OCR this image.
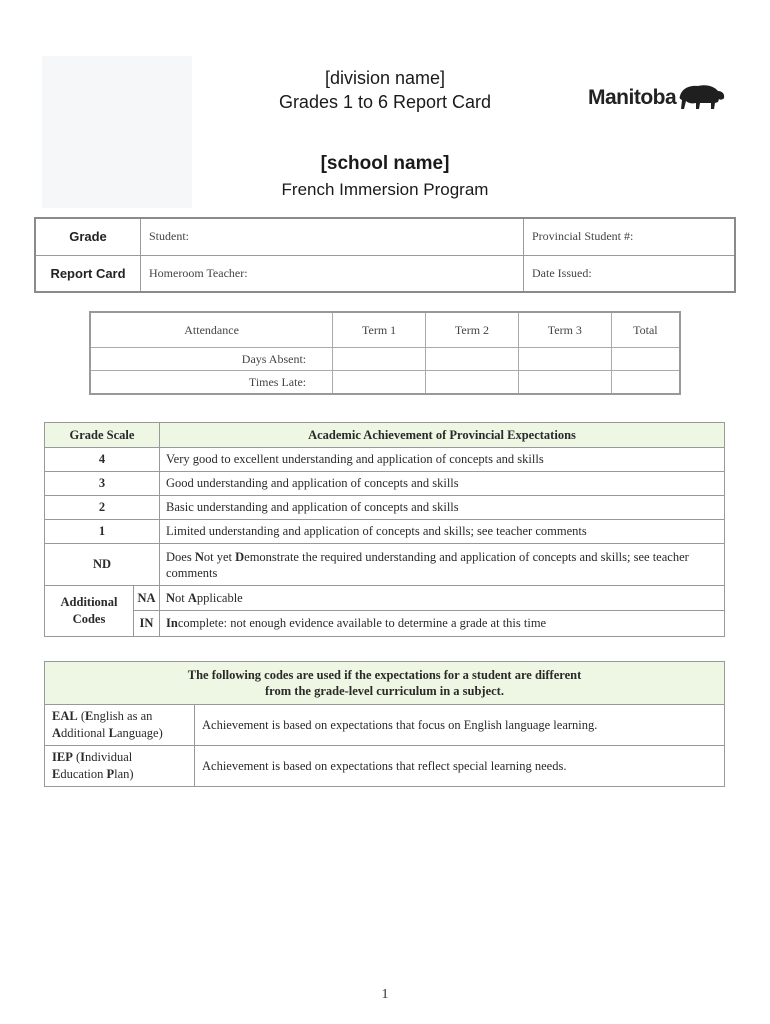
[division name]
Grades 1 to 6 Report Card
[school name]
French Immersion Program
Manitoba
Grade	Student:	Provincial Student #:
Report Card	Homeroom Teacher:	Date Issued:
Attendance	Term 1	Term 2	Term 3	Total
Days Absent:				
Times Late:				
Grade Scale		Academic Achievement of Provincial Expectations
4		Very good to excellent understanding and application of concepts and skills
3		Good understanding and application of concepts and skills
2		Basic understanding and application of concepts and skills
1		Limited understanding and application of concepts and skills; see teacher comments
ND		Does Not yet Demonstrate the required understanding and application of concepts and skills; see teacher comments
Additional
Codes	NA	Not Applicable
	IN	Incomplete: not enough evidence available to determine a grade at this time
The following codes are used if the expectations for a student are different
from the grade-level curriculum in a subject.	
EAL (English as an
Additional Language)	Achievement is based on expectations that focus on English language learning.
IEP (Individual
Education Plan)	Achievement is based on expectations that reflect special learning needs.
1
